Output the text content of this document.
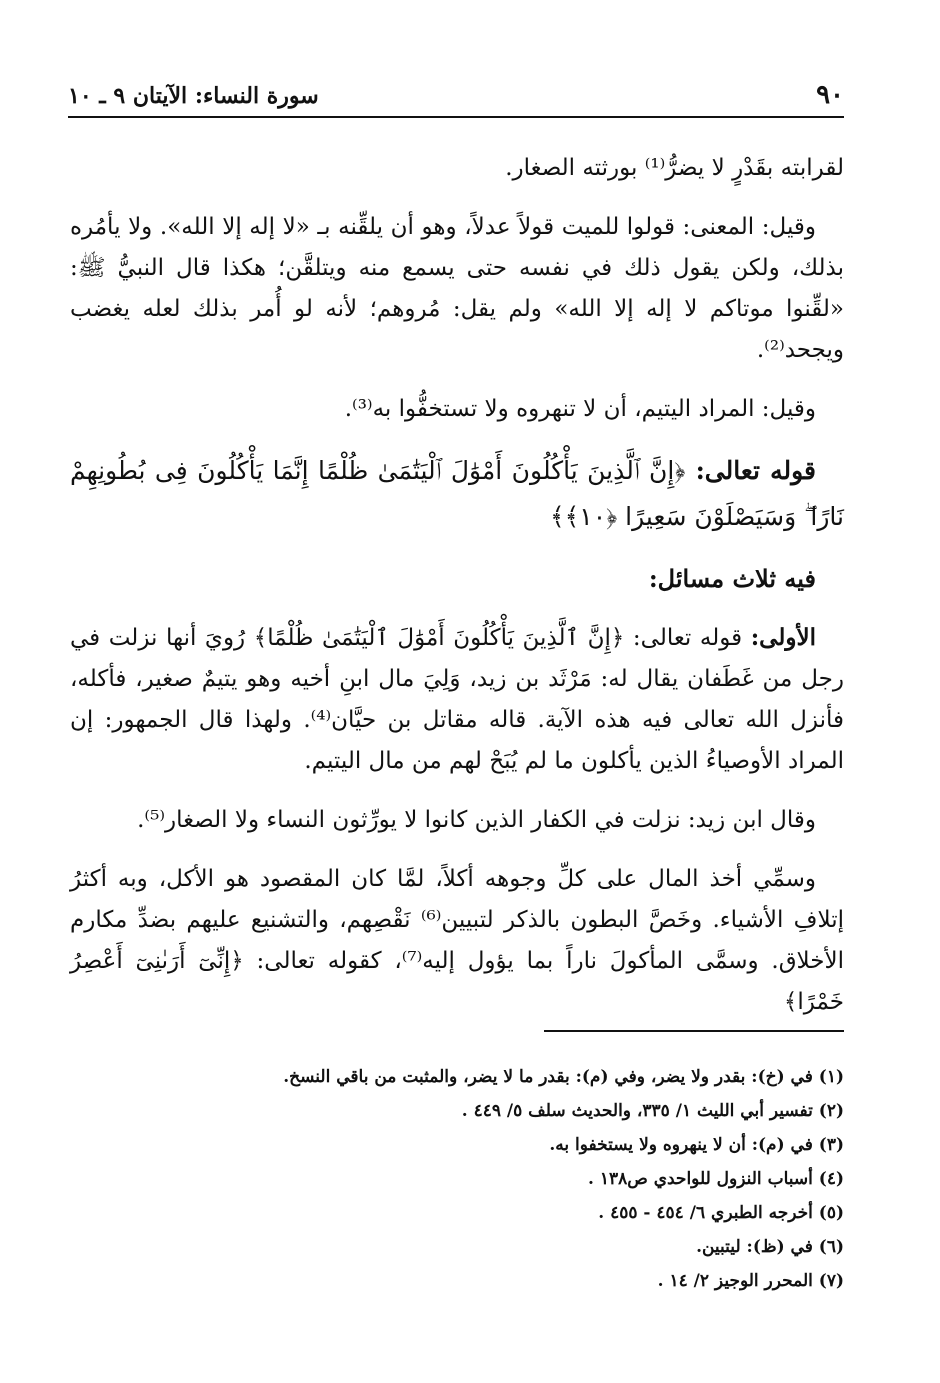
٩٠
سورة النساء: الآيتان ٩ ـ ١٠

لقرابته بقَدْرٍ لا يضرُّ⁽¹⁾ بورثته الصغار.

وقيل: المعنى: قولوا للميت قولاً عدلاً، وهو أن يلقِّنه بـ «لا إله إلا الله». ولا يأمُره بذلك، ولكن يقول ذلك في نفسه حتى يسمع منه ويتلقَّن؛ هكذا قال النبيُّ ﷺ: «لقِّنوا موتاكم لا إله إلا الله» ولم يقل: مُروهم؛ لأنه لو أُمر بذلك لعله يغضب ويجحد⁽²⁾.

وقيل: المراد اليتيم، أن لا تنهروه ولا تستخفُّوا به⁽³⁾.

قوله تعالى: ﴿إِنَّ ٱلَّذِينَ يَأْكُلُونَ أَمْوَٰلَ ٱلْيَتَٰمَىٰ ظُلْمًا إِنَّمَا يَأْكُلُونَ فِى بُطُونِهِمْ نَارًا ۖ وَسَيَصْلَوْنَ سَعِيرًا ﴿١٠﴾﴾

فيه ثلاث مسائل:

الأولى: قوله تعالى: ﴿إِنَّ ٱلَّذِينَ يَأْكُلُونَ أَمْوَٰلَ ٱلْيَتَٰمَىٰ ظُلْمًا﴾ رُويَ أنها نزلت في رجل من غَطَفان يقال له: مَرْثَد بن زيد، وَلِيَ مال ابنِ أخيه وهو يتيمٌ صغير، فأكله، فأنزل الله تعالى فيه هذه الآية. قاله مقاتل بن حيَّان⁽⁴⁾. ولهذا قال الجمهور: إن المراد الأوصياءُ الذين يأكلون ما لم يُبَحْ لهم من مال اليتيم.

وقال ابن زيد: نزلت في الكفار الذين كانوا لا يورِّثون النساء ولا الصغار⁽⁵⁾.

وسمِّي أخذ المال على كلِّ وجوهه أكلاً، لمَّا كان المقصود هو الأكل، وبه أكثرُ إتلافِ الأشياء. وخَصَّ البطون بالذكر لتبيين⁽⁶⁾ نَقْصِهم، والتشنيع عليهم بضدِّ مكارم الأخلاق. وسمَّى المأكولَ ناراً بما يؤول إليه⁽⁷⁾، كقوله تعالى: ﴿إِنِّىٓ أَرَىٰنِىٓ أَعْصِرُ خَمْرًا﴾

(١) في (خ): بقدر ولا يضر، وفي (م): بقدر ما لا يضر، والمثبت من باقي النسخ.

(٢) تفسير أبي الليث ١/ ٣٣٥، والحديث سلف ٥/ ٤٤٩ .

(٣) في (م): أن لا ينهروه ولا يستخفوا به.

(٤) أسباب النزول للواحدي ص١٣٨ .

(٥) أخرجه الطبري ٦/ ٤٥٤ - ٤٥٥ .

(٦) في (ظ): ليتبين.

(٧) المحرر الوجيز ٢/ ١٤ .
